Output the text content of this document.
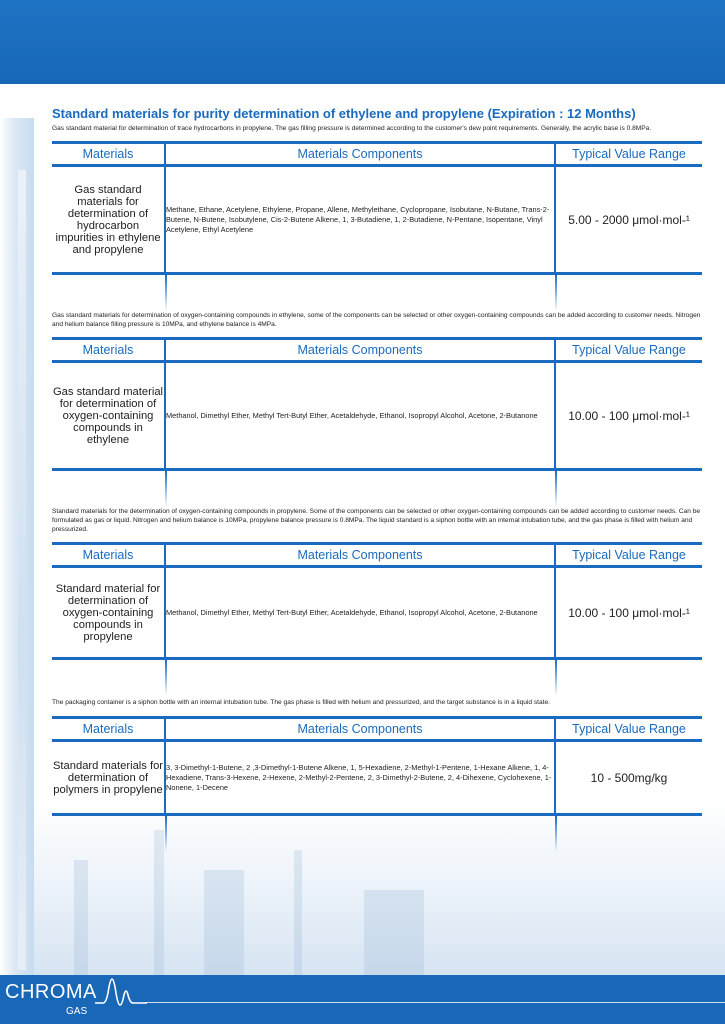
Standard materials for purity determination of ethylene and propylene (Expiration : 12 Months)
Gas standard material for determination of trace hydrocarbons in propylene. The gas filling pressure is determined according to the customer's dew point requirements. Generally, the acrylic base is 0.8MPa.
Materials	Materials Components	Typical Value Range
Gas standard materials for determination of hydrocarbon impurities in ethylene and propylene	Methane, Ethane, Acetylene, Ethylene, Propane, Allene, Methylethane, Cyclopropane, Isobutane, N-Butane, Trans-2-Butene, N-Butene, Isobutylene, Cis-2-Butene Alkene, 1, 3-Butadiene, 1, 2-Butadiene, N-Pentane, Isopentane, Vinyl Acetylene, Ethyl Acetylene	5.00 - 2000 μmol·mol-¹
Gas standard materials for determination of oxygen-containing compounds in ethylene, some of the components can be selected or other oxygen-containing compounds can be added according to customer needs. Nitrogen and helium balance filling pressure is 10MPa, and ethylene balance is 4MPa.
Materials	Materials Components	Typical Value Range
Gas standard material for determination of oxygen-containing compounds in ethylene	Methanol, Dimethyl Ether, Methyl Tert-Butyl Ether, Acetaldehyde, Ethanol, Isopropyl Alcohol, Acetone, 2-Butanone	10.00 - 100 μmol·mol-¹
Standard materials for the determination of oxygen-containing compounds in propylene. Some of the components can be selected or other oxygen-containing compounds can be added according to customer needs. Can be formulated as gas or liquid. Nitrogen and helium balance is 10MPa, propylene balance pressure is 0.8MPa. The liquid standard is a siphon bottle with an internal intubation tube, and the gas phase is filled with helium and pressurized.
Materials	Materials Components	Typical Value Range
Standard material for determination of oxygen-containing compounds in propylene	Methanol, Dimethyl Ether, Methyl Tert-Butyl Ether, Acetaldehyde, Ethanol, Isopropyl Alcohol, Acetone, 2-Butanone	10.00 - 100 μmol·mol-¹
The packaging container is a siphon bottle with an internal intubation tube. The gas phase is filled with helium and pressurized, and the target substance is in a liquid state.
Materials	Materials Components	Typical Value Range
Standard materials for determination of polymers in propylene	3, 3-Dimethyl-1-Butene, 2 ,3-Dimethyl-1-Butene Alkene, 1, 5-Hexadiene, 2-Methyl-1-Pentene, 1-Hexane Alkene, 1, 4-Hexadiene, Trans-3-Hexene, 2-Hexene, 2-Methyl-2-Pentene, 2, 3-Dimethyl-2-Butene, 2, 4-Dihexene, Cyclohexene, 1-Nonene, 1-Decene	10 - 500mg/kg
CHROMA
GAS
